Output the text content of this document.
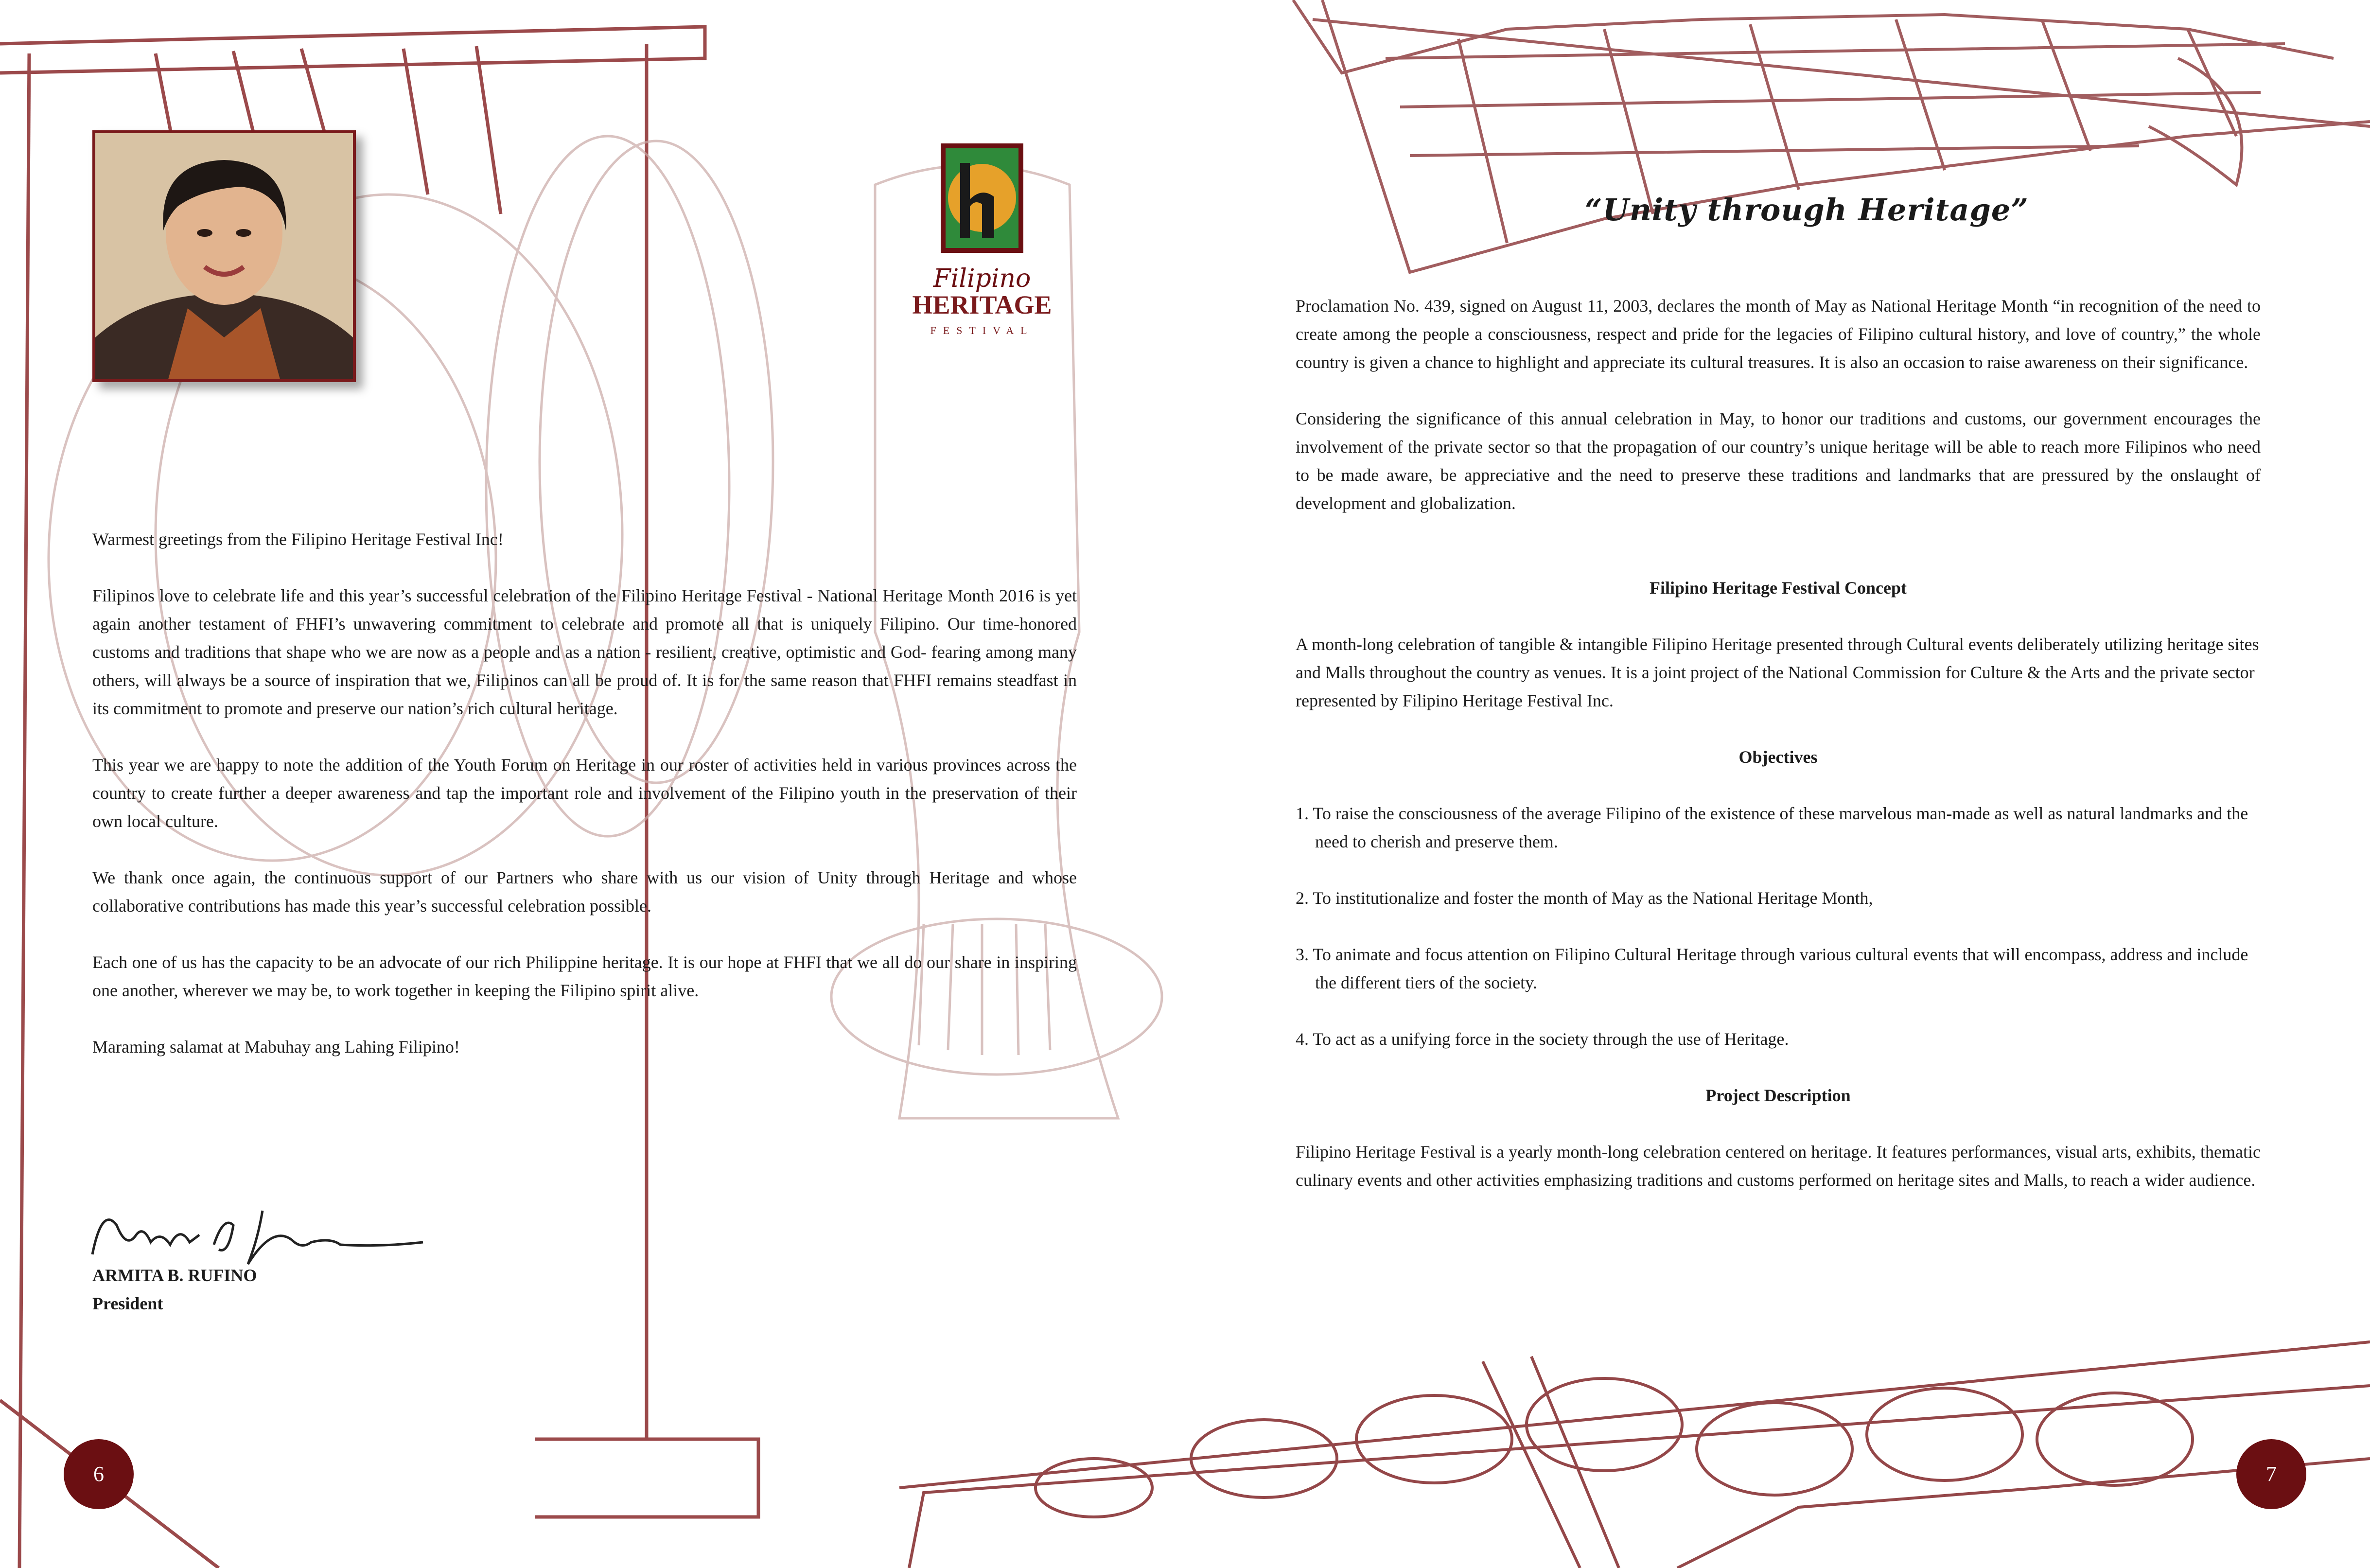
Filipino
HERITAGE
FESTIVAL

Warmest greetings from the Filipino Heritage Festival Inc!

Filipinos love to celebrate life and this year’s successful celebration of the Filipino Heritage Festival - National Heritage Month 2016 is yet again another testament of FHFI’s unwavering commitment to celebrate and promote all that is uniquely Filipino. Our time-honored customs and traditions that shape who we are now as a people and as a nation - resilient, creative, optimistic and God- fearing among many others, will always be a source of inspiration that we, Filipinos can all be proud of. It is for the same reason that FHFI remains steadfast in its commitment to promote and preserve our nation’s rich cultural heritage.

This year we are happy to note the addition of the Youth Forum on Heritage in our roster of activities held in various provinces across the country to create further a deeper awareness and tap the important role and involvement of the Filipino youth in the preservation of their own local culture.

We thank once again, the continuous support of our Partners who share with us our vision of Unity through Heritage and whose collaborative contributions has made this year’s successful celebration possible.

Each one of us has the capacity to be an advocate of our rich Philippine heritage. It is our hope at FHFI that we all do our share in inspiring one another, wherever we may be, to work together in keeping the Filipino spirit alive.

Maraming salamat at Mabuhay ang Lahing Filipino!

ARMITA B. RUFINO

President

6
“Unity through Heritage”

Proclamation No. 439, signed on August 11, 2003, declares the month of May as National Heritage Month “in recognition of the need to create among the people a consciousness, respect and pride for the legacies of Filipino cultural history, and love of country,” the whole country is given a chance to highlight and appreciate its cultural treasures. It is also an occasion to raise awareness on their significance.

Considering the significance of this annual celebration in May, to honor our traditions and customs, our government encourages the involvement of the private sector so that the propagation of our country’s unique heritage will be able to reach more Filipinos who need to be made aware, be appreciative and the need to preserve these traditions and landmarks that are pressured by the onslaught of development and globalization.

Filipino Heritage Festival Concept

A month-long celebration of tangible & intangible Filipino Heritage presented through Cultural events deliberately utilizing heritage sites and Malls throughout the country as venues. It is a joint project of the National Commission for Culture & the Arts and the private sector represented by Filipino Heritage Festival Inc.

Objectives

1. To raise the consciousness of the average Filipino of the existence of these marvelous man-made as well as natural landmarks and the need to cherish and preserve them.

2. To institutionalize and foster the month of May as the National Heritage Month,

3. To animate and focus attention on Filipino Cultural Heritage through various cultural events that will encompass, address and include the different tiers of the society.

4. To act as a unifying force in the society through the use of Heritage.

Project Description

Filipino Heritage Festival is a yearly month-long celebration centered on heritage. It features performances, visual arts, exhibits, thematic culinary events and other activities emphasizing traditions and customs performed on heritage sites and Malls, to reach a wider audience.

7
